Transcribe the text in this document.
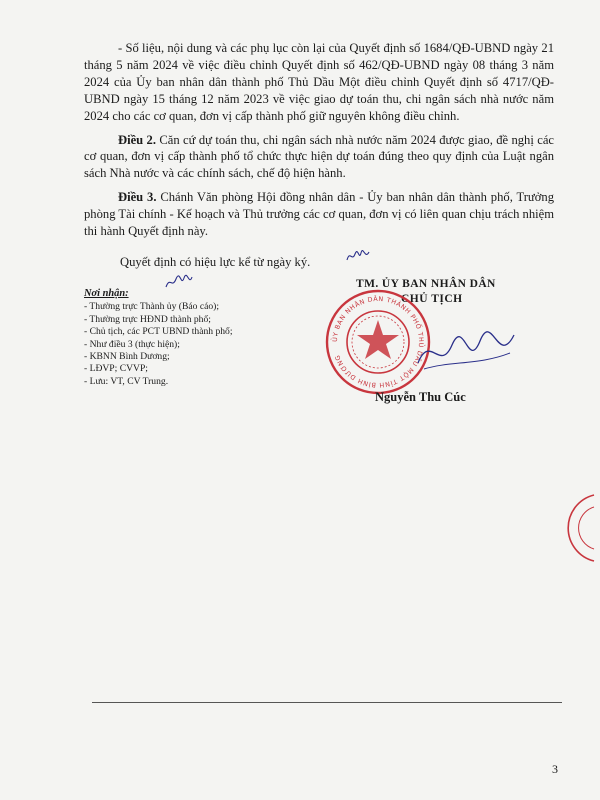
- Số liệu, nội dung và các phụ lục còn lại của Quyết định số 1684/QĐ-UBND ngày 21 tháng 5 năm 2024 về việc điều chỉnh Quyết định số 462/QĐ-UBND ngày 08 tháng 3 năm 2024 của Ủy ban nhân dân thành phố Thủ Dầu Một điều chỉnh Quyết định số 4717/QĐ-UBND ngày 15 tháng 12 năm 2023 về việc giao dự toán thu, chi ngân sách nhà nước năm 2024 cho các cơ quan, đơn vị cấp thành phố giữ nguyên không điều chỉnh.

Điều 2. Căn cứ dự toán thu, chi ngân sách nhà nước năm 2024 được giao, đề nghị các cơ quan, đơn vị cấp thành phố tổ chức thực hiện dự toán đúng theo quy định của Luật ngân sách Nhà nước và các chính sách, chế độ hiện hành.

Điều 3. Chánh Văn phòng Hội đồng nhân dân - Ủy ban nhân dân thành phố, Trưởng phòng Tài chính - Kế hoạch và Thủ trưởng các cơ quan, đơn vị có liên quan chịu trách nhiệm thi hành Quyết định này.

Quyết định có hiệu lực kể từ ngày ký.
Nơi nhận:
- Thường trực Thành ủy (Báo cáo);
- Thường trực HĐND thành phố;
- Chủ tịch, các PCT UBND thành phố;
- Như điều 3 (thực hiện);
- KBNN Bình Dương;
- LĐVP; CVVP;
- Lưu: VT, CV Trung.
TM. ỦY BAN NHÂN DÂN
CHỦ TỊCH
ỦY BAN NHÂN DÂN THÀNH PHỐ THỦ DẦU MỘT TỈNH BÌNH DƯƠNG
Nguyễn Thu Cúc
3
